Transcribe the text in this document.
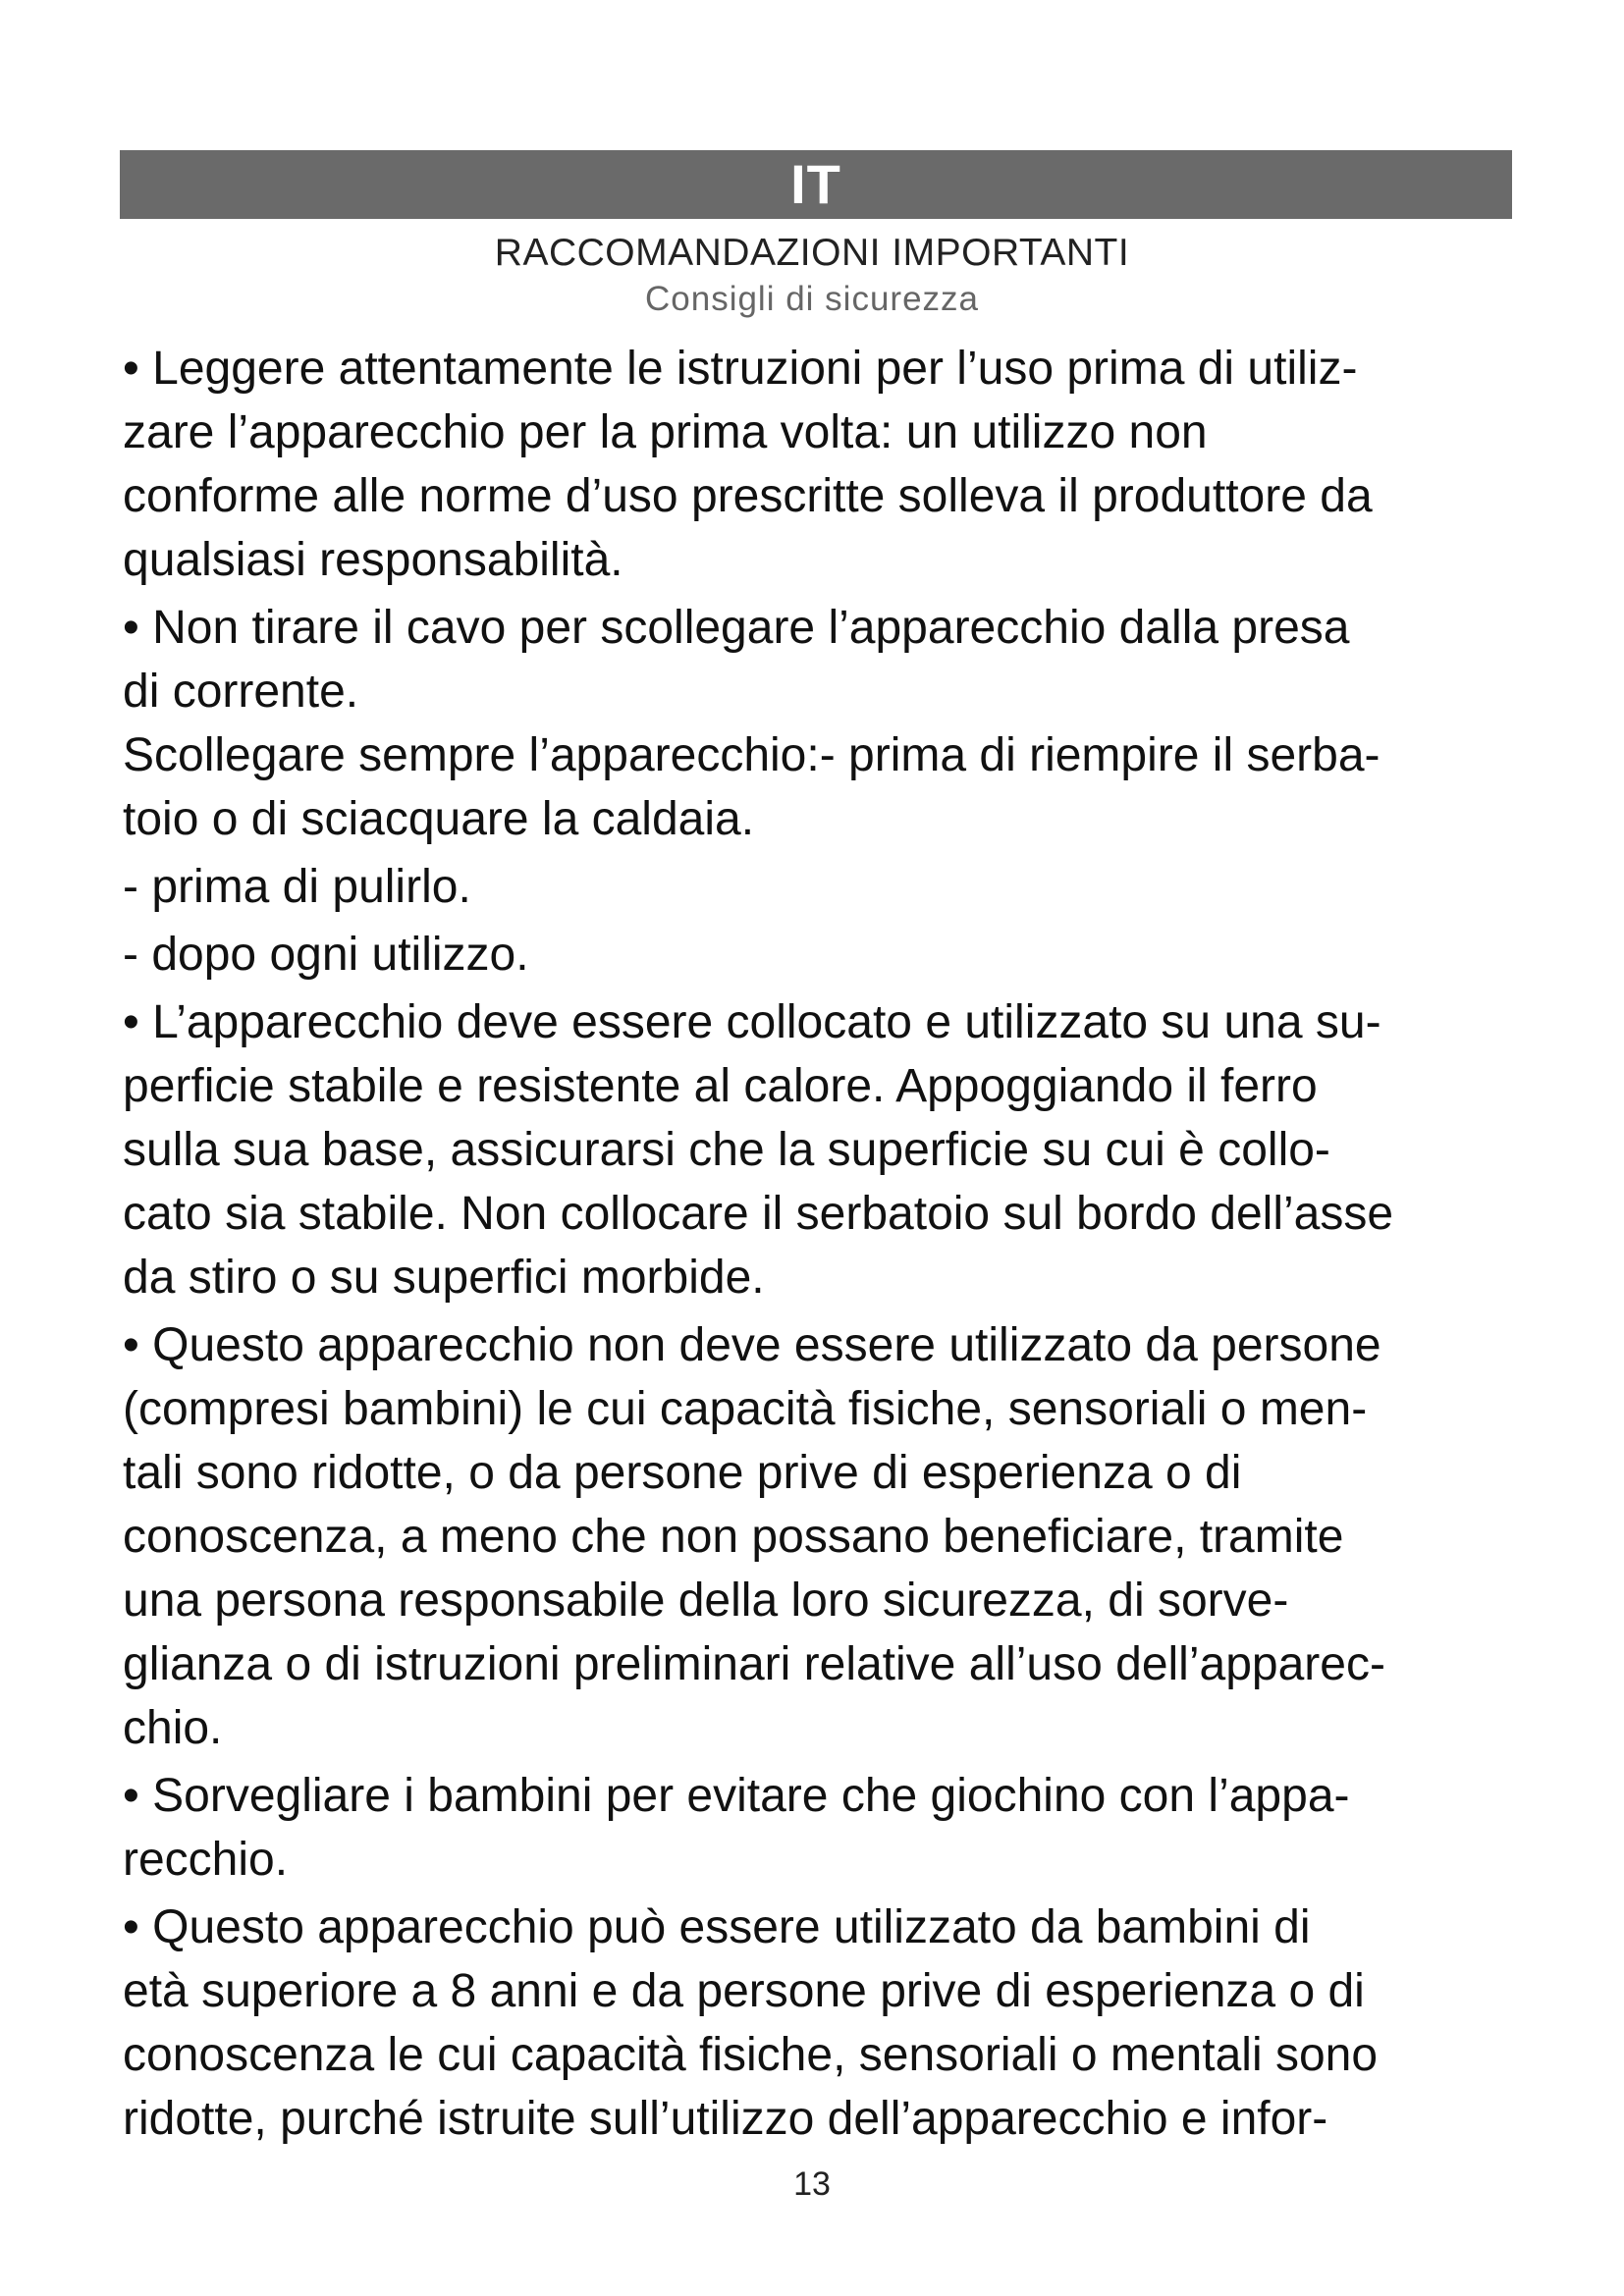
IT
RACCOMANDAZIONI IMPORTANTI
Consigli di sicurezza
• Leggere attentamente le istruzioni per l’uso prima di utiliz-
zare l’apparecchio per la prima volta: un utilizzo non
conforme alle norme d’uso prescritte solleva il produttore da
qualsiasi responsabilità.
• Non tirare il cavo per scollegare l’apparecchio dalla presa
di corrente.
Scollegare sempre l’apparecchio:- prima di riempire il serba-
toio o di sciacquare la caldaia.
- prima di pulirlo.
- dopo ogni utilizzo.
• L’apparecchio deve essere collocato e utilizzato su una su-
perficie stabile e resistente al calore. Appoggiando il ferro
sulla sua base, assicurarsi che la superficie su cui è collo-
cato sia stabile. Non collocare il serbatoio sul bordo dell’asse
da stiro o su superfici morbide.
• Questo apparecchio non deve essere utilizzato da persone
(compresi bambini) le cui capacità fisiche, sensoriali o men-
tali sono ridotte, o da persone prive di esperienza o di
conoscenza, a meno che non possano beneficiare, tramite
una persona responsabile della loro sicurezza, di sorve-
glianza o di istruzioni preliminari relative all’uso dell’apparec-
chio.
• Sorvegliare i bambini per evitare che giochino con l’appa-
recchio.
• Questo apparecchio può essere utilizzato da bambini di
età superiore a 8 anni e da persone prive di esperienza o di
conoscenza le cui capacità fisiche, sensoriali o mentali sono
ridotte, purché istruite sull’utilizzo dell’apparecchio e infor-
13
